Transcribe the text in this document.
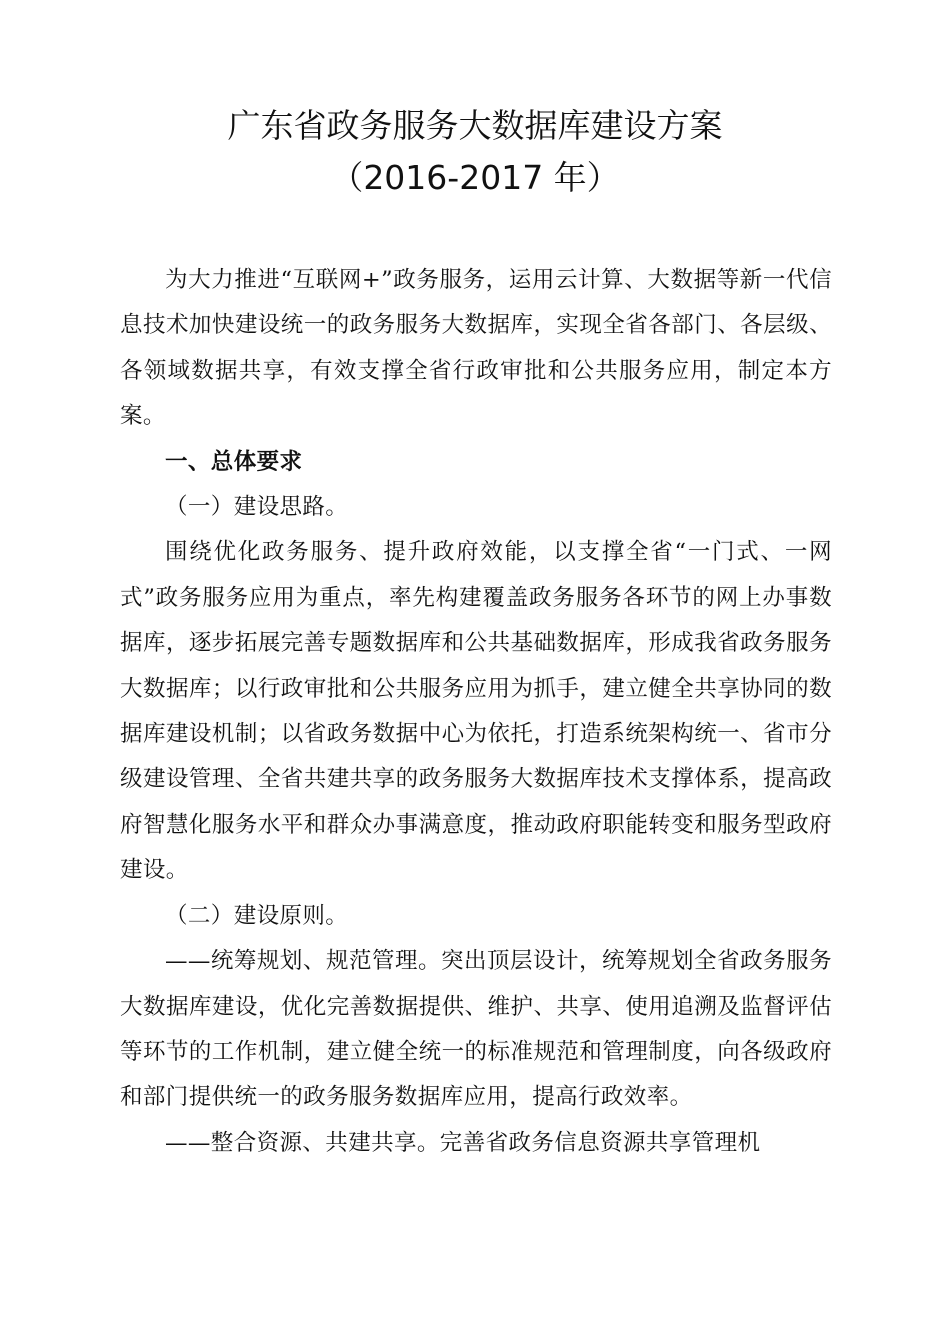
广东省政务服务大数据库建设方案
（2016-2017 年）

为大力推进“互联网+”政务服务，运用云计算、大数据等新一代信息技术加快建设统一的政务服务大数据库，实现全省各部门、各层级、各领域数据共享，有效支撑全省行政审批和公共服务应用，制定本方案。

一、总体要求

（一）建设思路。

围绕优化政务服务、提升政府效能，以支撑全省“一门式、一网式”政务服务应用为重点，率先构建覆盖政务服务各环节的网上办事数据库，逐步拓展完善专题数据库和公共基础数据库，形成我省政务服务大数据库；以行政审批和公共服务应用为抓手，建立健全共享协同的数据库建设机制；以省政务数据中心为依托，打造系统架构统一、省市分级建设管理、全省共建共享的政务服务大数据库技术支撑体系，提高政府智慧化服务水平和群众办事满意度，推动政府职能转变和服务型政府建设。

（二）建设原则。

——统筹规划、规范管理。突出顶层设计，统筹规划全省政务服务大数据库建设，优化完善数据提供、维护、共享、使用追溯及监督评估等环节的工作机制，建立健全统一的标准规范和管理制度，向各级政府和部门提供统一的政务服务数据库应用，提高行政效率。

——整合资源、共建共享。完善省政务信息资源共享管理机
